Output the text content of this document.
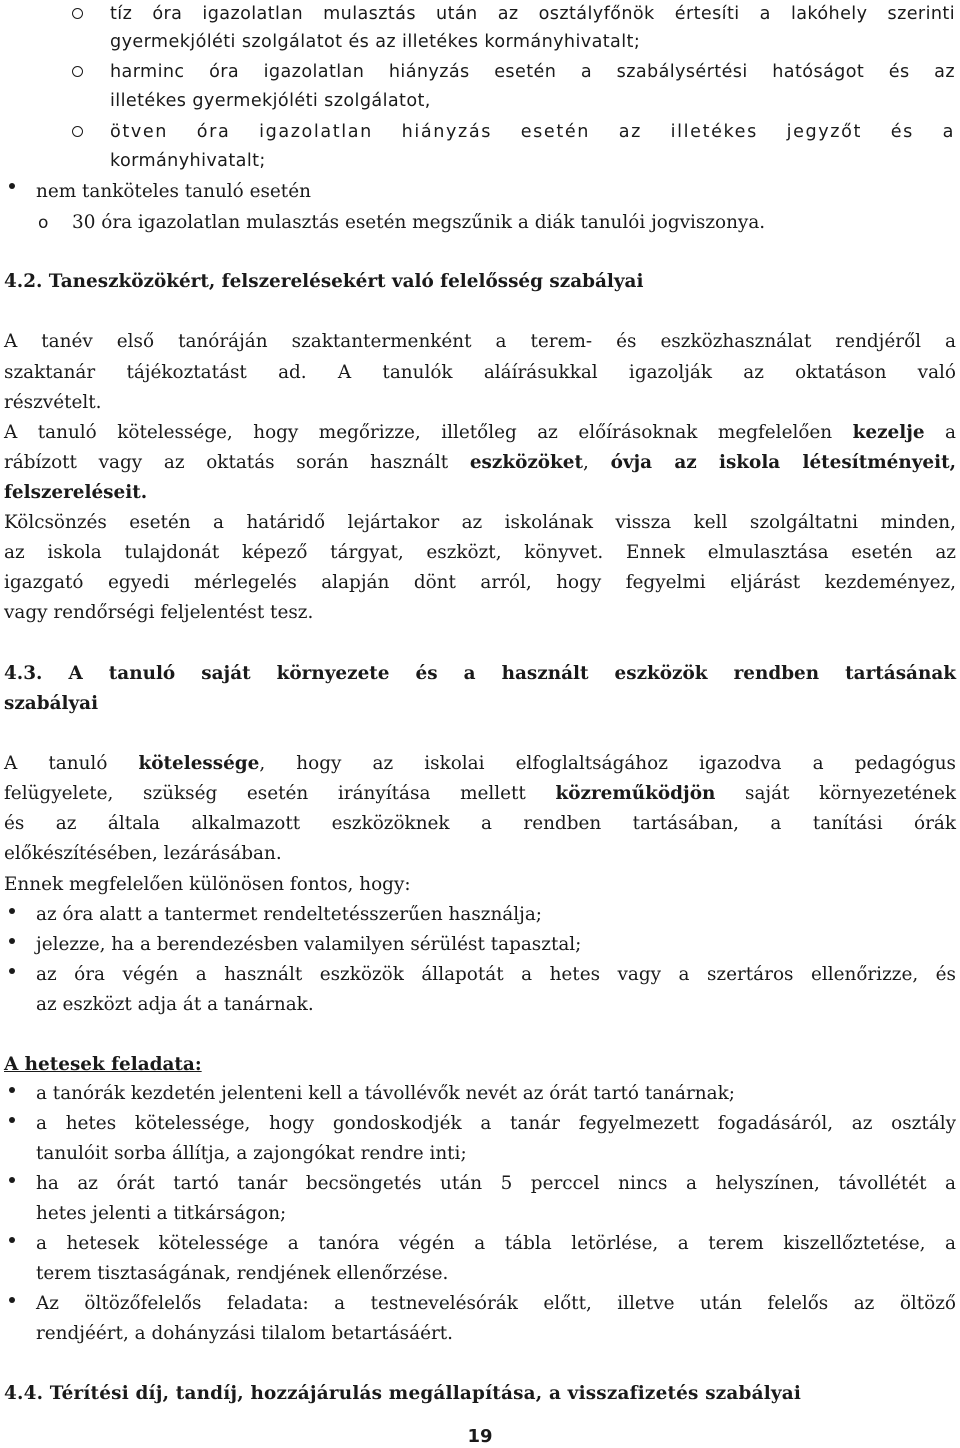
tíz óra igazolatlan mulasztás után az osztályfőnök értesíti a lakóhely szerinti
gyermekjóléti szolgálatot és az illetékes kormányhivatalt;
harminc óra igazolatlan hiányzás esetén a szabálysértési hatóságot és az
illetékes gyermekjóléti szolgálatot,
ötven óra igazolatlan hiányzás esetén az illetékes jegyzőt és a
kormányhivatalt;
nem tanköteles tanuló esetén
o 30 óra igazolatlan mulasztás esetén megszűnik a diák tanulói jogviszonya.
4.2. Taneszközökért, felszerelésekért való felelősség szabályai
A tanév első tanóráján szaktantermenként a terem- és eszközhasználat rendjéről a
szaktanár tájékoztatást ad. A tanulók aláírásukkal igazolják az oktatáson való
részvételt.
A tanuló kötelessége, hogy megőrizze, illetőleg az előírásoknak megfelelően kezelje a
rábízott vagy az oktatás során használt eszközöket, óvja az iskola létesítményeit,
felszereléseit.
Kölcsönzés esetén a határidő lejártakor az iskolának vissza kell szolgáltatni minden,
az iskola tulajdonát képező tárgyat, eszközt, könyvet. Ennek elmulasztása esetén az
igazgató egyedi mérlegelés alapján dönt arról, hogy fegyelmi eljárást kezdeményez,
vagy rendőrségi feljelentést tesz.
4.3. A tanuló saját környezete és a használt eszközök rendben tartásának
szabályai
A tanuló kötelessége, hogy az iskolai elfoglaltságához igazodva a pedagógus
felügyelete, szükség esetén irányítása mellett közreműködjön saját környezetének
és az általa alkalmazott eszközöknek a rendben tartásában, a tanítási órák
előkészítésében, lezárásában.
Ennek megfelelően különösen fontos, hogy:
az óra alatt a tantermet rendeltetésszerűen használja;
jelezze, ha a berendezésben valamilyen sérülést tapasztal;
az óra végén a használt eszközök állapotát a hetes vagy a szertáros ellenőrizze, és
az eszközt adja át a tanárnak.
A hetesek feladata:
a tanórák kezdetén jelenteni kell a távollévők nevét az órát tartó tanárnak;
a hetes kötelessége, hogy gondoskodjék a tanár fegyelmezett fogadásáról, az osztály
tanulóit sorba állítja, a zajongókat rendre inti;
ha az órát tartó tanár becsöngetés után 5 perccel nincs a helyszínen, távollétét a
hetes jelenti a titkárságon;
a hetesek kötelessége a tanóra végén a tábla letörlése, a terem kiszellőztetése, a
terem tisztaságának, rendjének ellenőrzése.
Az öltözőfelelős feladata: a testnevelésórák előtt, illetve után felelős az öltöző
rendjéért, a dohányzási tilalom betartásáért.
4.4. Térítési díj, tandíj, hozzájárulás megállapítása, a visszafizetés szabályai
19
